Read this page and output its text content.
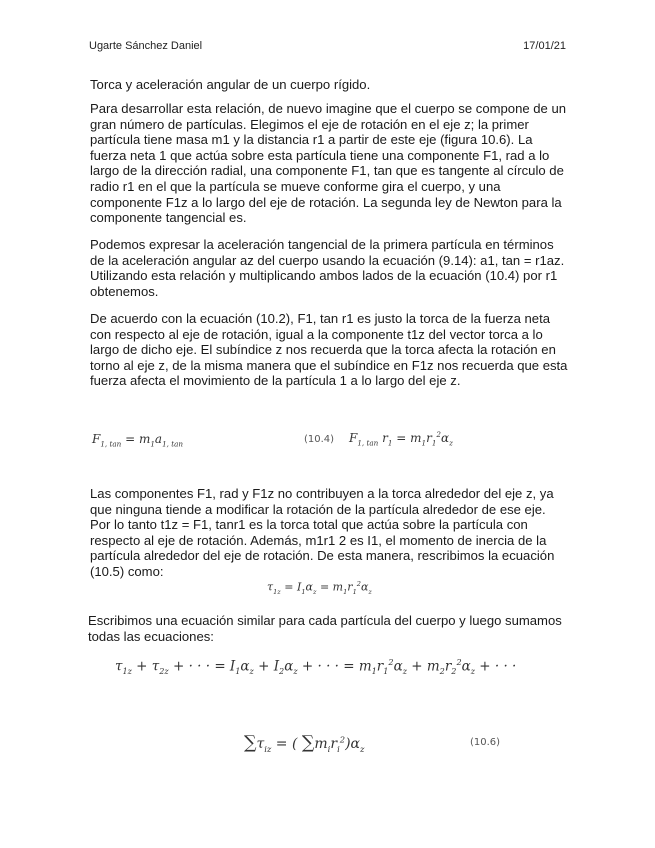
Ugarte Sánchez Daniel	17/01/21

Torca y aceleración angular de un cuerpo rígido.

Para desarrollar esta relación, de nuevo imagine que el cuerpo se compone de un gran número de partículas. Elegimos el eje de rotación en el eje z; la primer partícula tiene masa m1 y la distancia r1 a partir de este eje (figura 10.6). La fuerza neta 1 que actúa sobre esta partícula tiene una componente F1, rad a lo largo de la dirección radial, una componente F1, tan que es tangente al círculo de radio r1 en el que la partícula se mueve conforme gira el cuerpo, y una componente F1z a lo largo del eje de rotación. La segunda ley de Newton para la componente tangencial es.

Podemos expresar la aceleración tangencial de la primera partícula en términos de la aceleración angular az del cuerpo usando la ecuación (9.14): a1, tan = r1az. Utilizando esta relación y multiplicando ambos lados de la ecuación (10.4) por r1 obtenemos.

De acuerdo con la ecuación (10.2), F1, tan r1 es justo la torca de la fuerza neta con respecto al eje de rotación, igual a la componente t1z del vector torca a lo largo de dicho eje. El subíndice z nos recuerda que la torca afecta la rotación en torno al eje z, de la misma manera que el subíndice en F1z nos recuerda que esta fuerza afecta el movimiento de la partícula 1 a lo largo del eje z.

$F_{1, tan} = m_1a_{1, tan}$	(10.4) $F_{1, tan}$ $r_1 = m_1r_1^2\alpha_z$

Las componentes F1, rad y F1z no contribuyen a la torca alrededor del eje z, ya que ninguna tiende a modificar la rotación de la partícula alrededor de ese eje. Por lo tanto t1z = F1, tanr1 es la torca total que actúa sobre la partícula con respecto al eje de rotación. Además, m1r1 2 es I1, el momento de inercia de la partícula alrededor del eje de rotación. De esta manera, rescribimos la ecuación (10.5) como:

$\tau_{1z} = I_1\alpha_z = m_1r_1^2\alpha_z$

Escribimos una ecuación similar para cada partícula del cuerpo y luego sumamos todas las ecuaciones:

$\tau_{1z} + \tau_{2z}$ + · · · = $I_1\alpha_z + I_2\alpha_z$ + · · · = $m_1r_1^2\alpha_z + m_2r_2^2\alpha_z$ + · · ·
$\sum\tau_{iz}$ = ( $\sum m_ir_i^2)\alpha_z$
(10.6)
